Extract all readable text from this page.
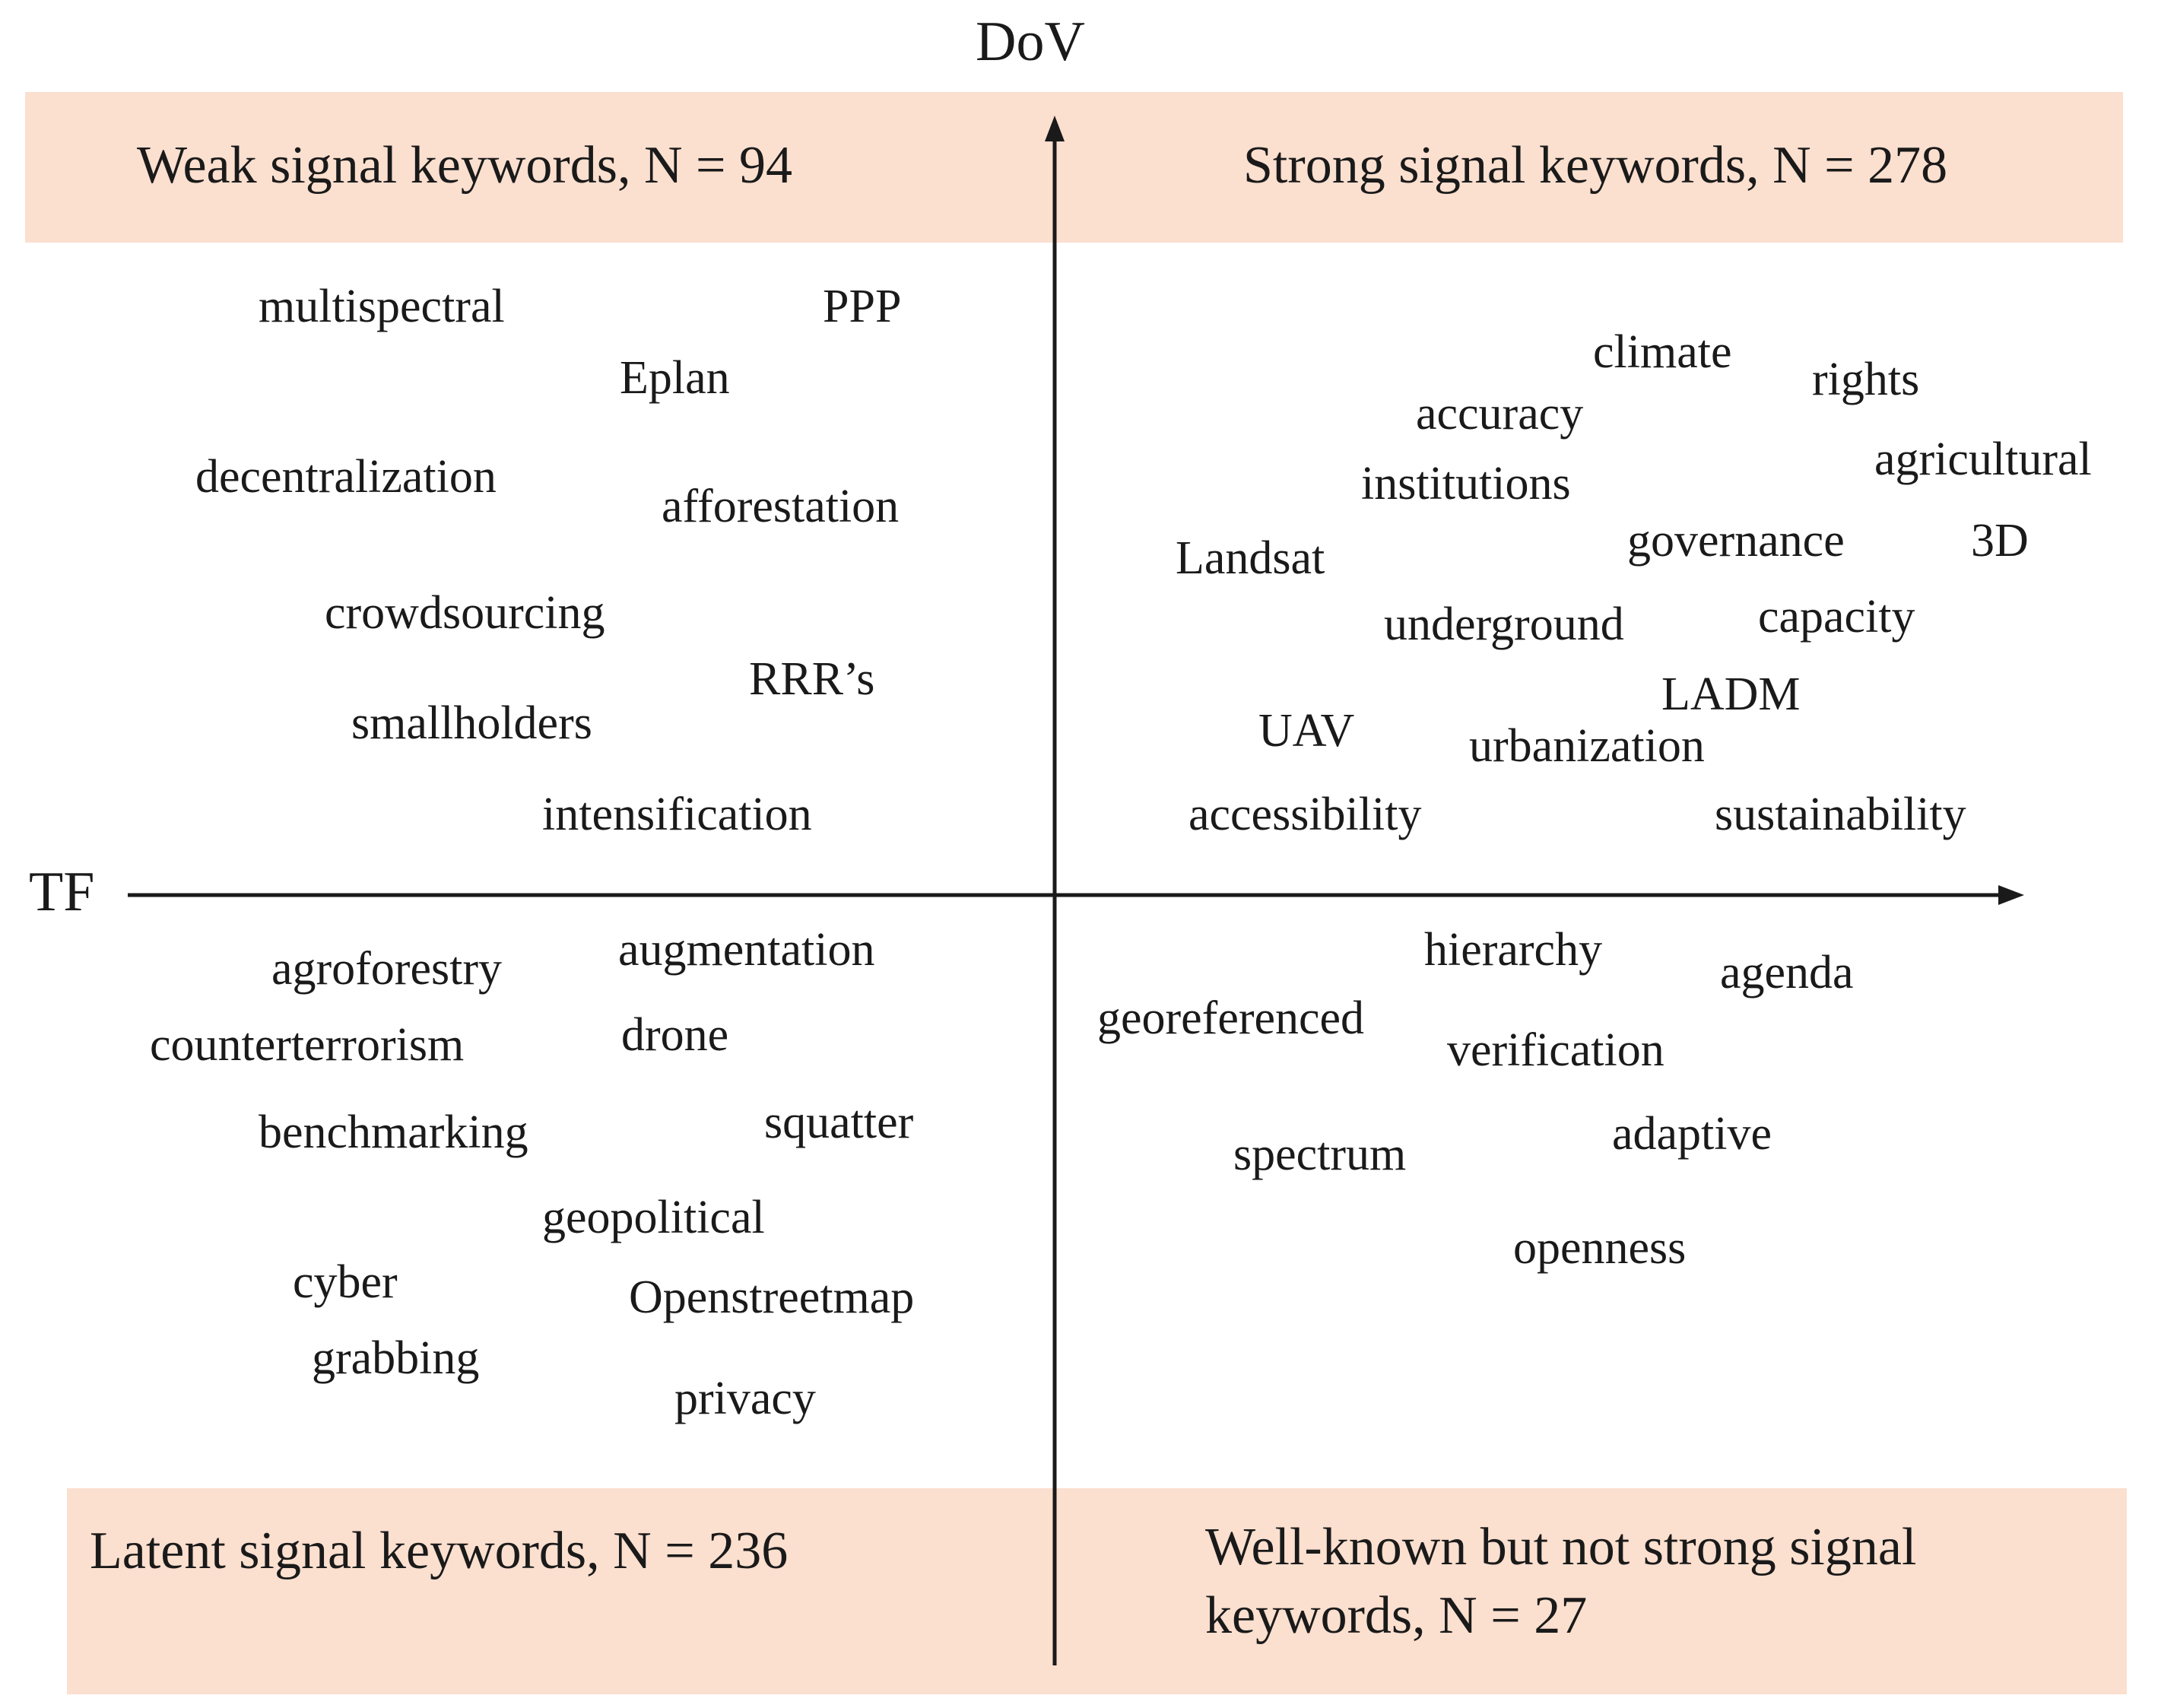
DoV
TF
Weak signal keywords, N = 94	Strong signal keywords, N = 278
Latent signal keywords, N = 236	Well-known but not strong signal keywords, N = 27
multispectral	PPP
Eplan
decentralization
afforestation
crowdsourcing
RRR’s
smallholders
intensification
climate
rights
accuracy
agricultural
institutions
governance	3D
Landsat
underground	capacity
LADM
UAV urbanization
accessibility	sustainability
agroforestry augmentation
counterterrorism	drone
benchmarking	squatter
geopolitical
cyber	Openstreetmap
grabbing
privacy
hierarchy agenda
georeferenced
verification
spectrum	adaptive
openness
